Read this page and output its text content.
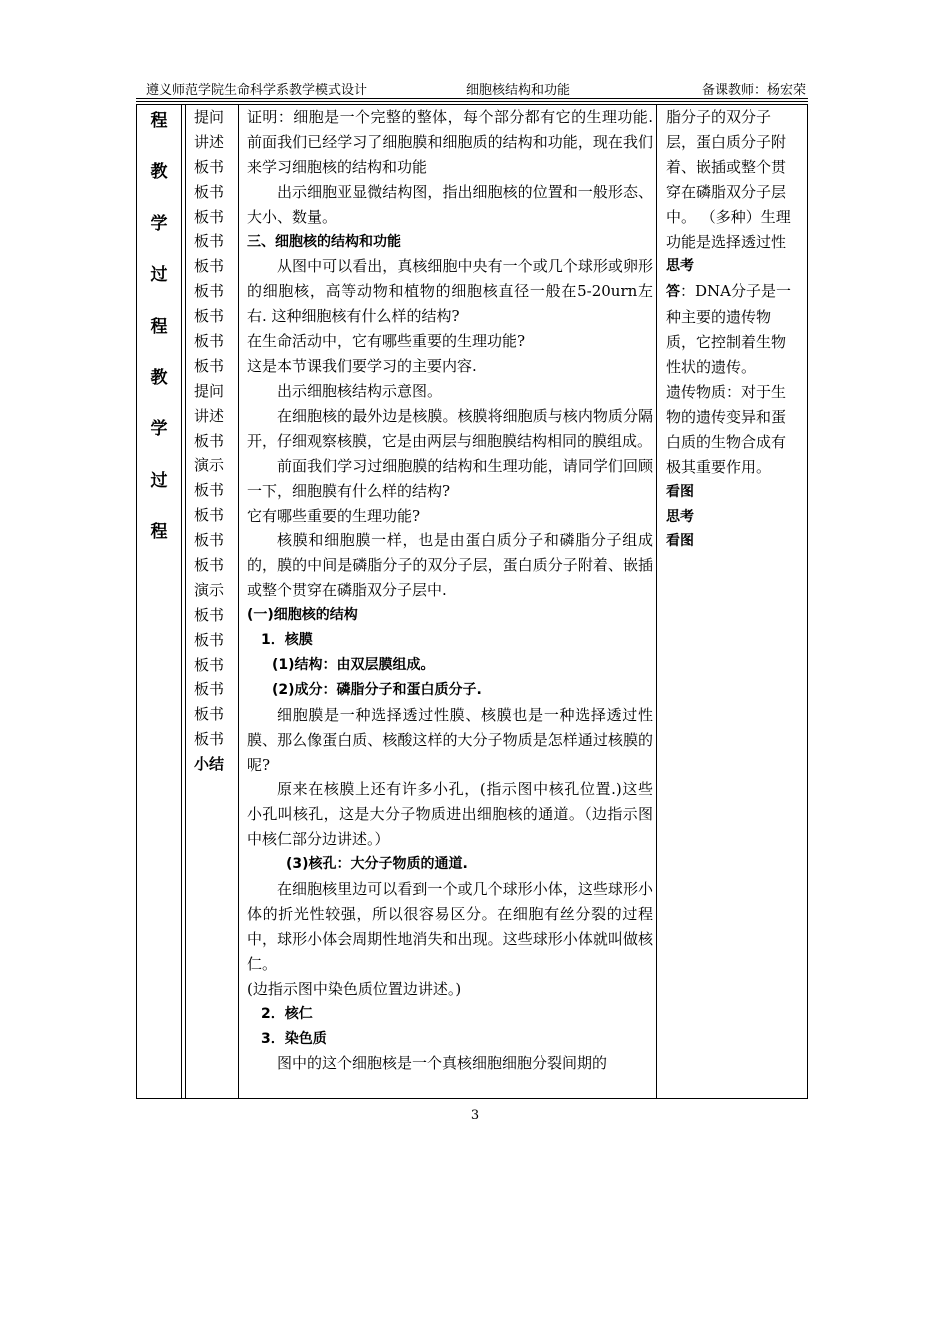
遵义师范学院生命科学系教学模式设计	细胞核结构和功能	备课教师：杨宏荣
程
教
学
过
程
教
学
过
程
提问
讲述
板书
板书
板书
板书
板书
板书
板书
板书
板书
提问
讲述
板书
演示
板书
板书
板书
板书
演示
板书
板书
板书
板书
板书
板书
小结

证明：细胞是一个完整的整体，每个部分都有它的生理功能.前面我们已经学习了细胞膜和细胞质的结构和功能，现在我们来学习细胞核的结构和功能

出示细胞亚显微结构图，指出细胞核的位置和一般形态、大小、数量。

三、细胞核的结构和功能

从图中可以看出，真核细胞中央有一个或几个球形或卵形的细胞核，高等动物和植物的细胞核直径一般在5-20urn左右. 这种细胞核有什么样的结构?

在生命活动中，它有哪些重要的生理功能?

这是本节课我们要学习的主要内容.

出示细胞核结构示意图。

在细胞核的最外边是核膜。核膜将细胞质与核内物质分隔开，仔细观察核膜，它是由两层与细胞膜结构相同的膜组成。

前面我们学习过细胞膜的结构和生理功能，请同学们回顾一下，细胞膜有什么样的结构?

它有哪些重要的生理功能?

核膜和细胞膜一样，也是由蛋白质分子和磷脂分子组成的，膜的中间是磷脂分子的双分子层，蛋白质分子附着、嵌插或整个贯穿在磷脂双分子层中.

(一)细胞核的结构

1．核膜

(1)结构：由双层膜组成。

(2)成分：磷脂分子和蛋白质分子.

细胞膜是一种选择透过性膜、核膜也是一种选择透过性膜、那么像蛋白质、核酸这样的大分子物质是怎样通过核膜的呢?

原来在核膜上还有许多小孔，(指示图中核孔位置.)这些小孔叫核孔，这是大分子物质进出细胞核的通道。（边指示图中核仁部分边讲述。）

(3)核孔：大分子物质的通道.

在细胞核里边可以看到一个或几个球形小体，这些球形小体的折光性较强，所以很容易区分。在细胞有丝分裂的过程中，球形小体会周期性地消失和出现。这些球形小体就叫做核仁。

(边指示图中染色质位置边讲述。)

2．核仁

3．染色质

图中的这个细胞核是一个真核细胞细胞分裂间期的

脂分子的双分子层，蛋白质分子附着、嵌插或整个贯穿在磷脂双分子层中。 （多种）生理功能是选择透过性

思考

答：DNA分子是一种主要的遗传物质，它控制着生物性状的遗传。

遗传物质：对于生物的遗传变异和蛋白质的生物合成有极其重要作用。

看图

思考

看图

3
